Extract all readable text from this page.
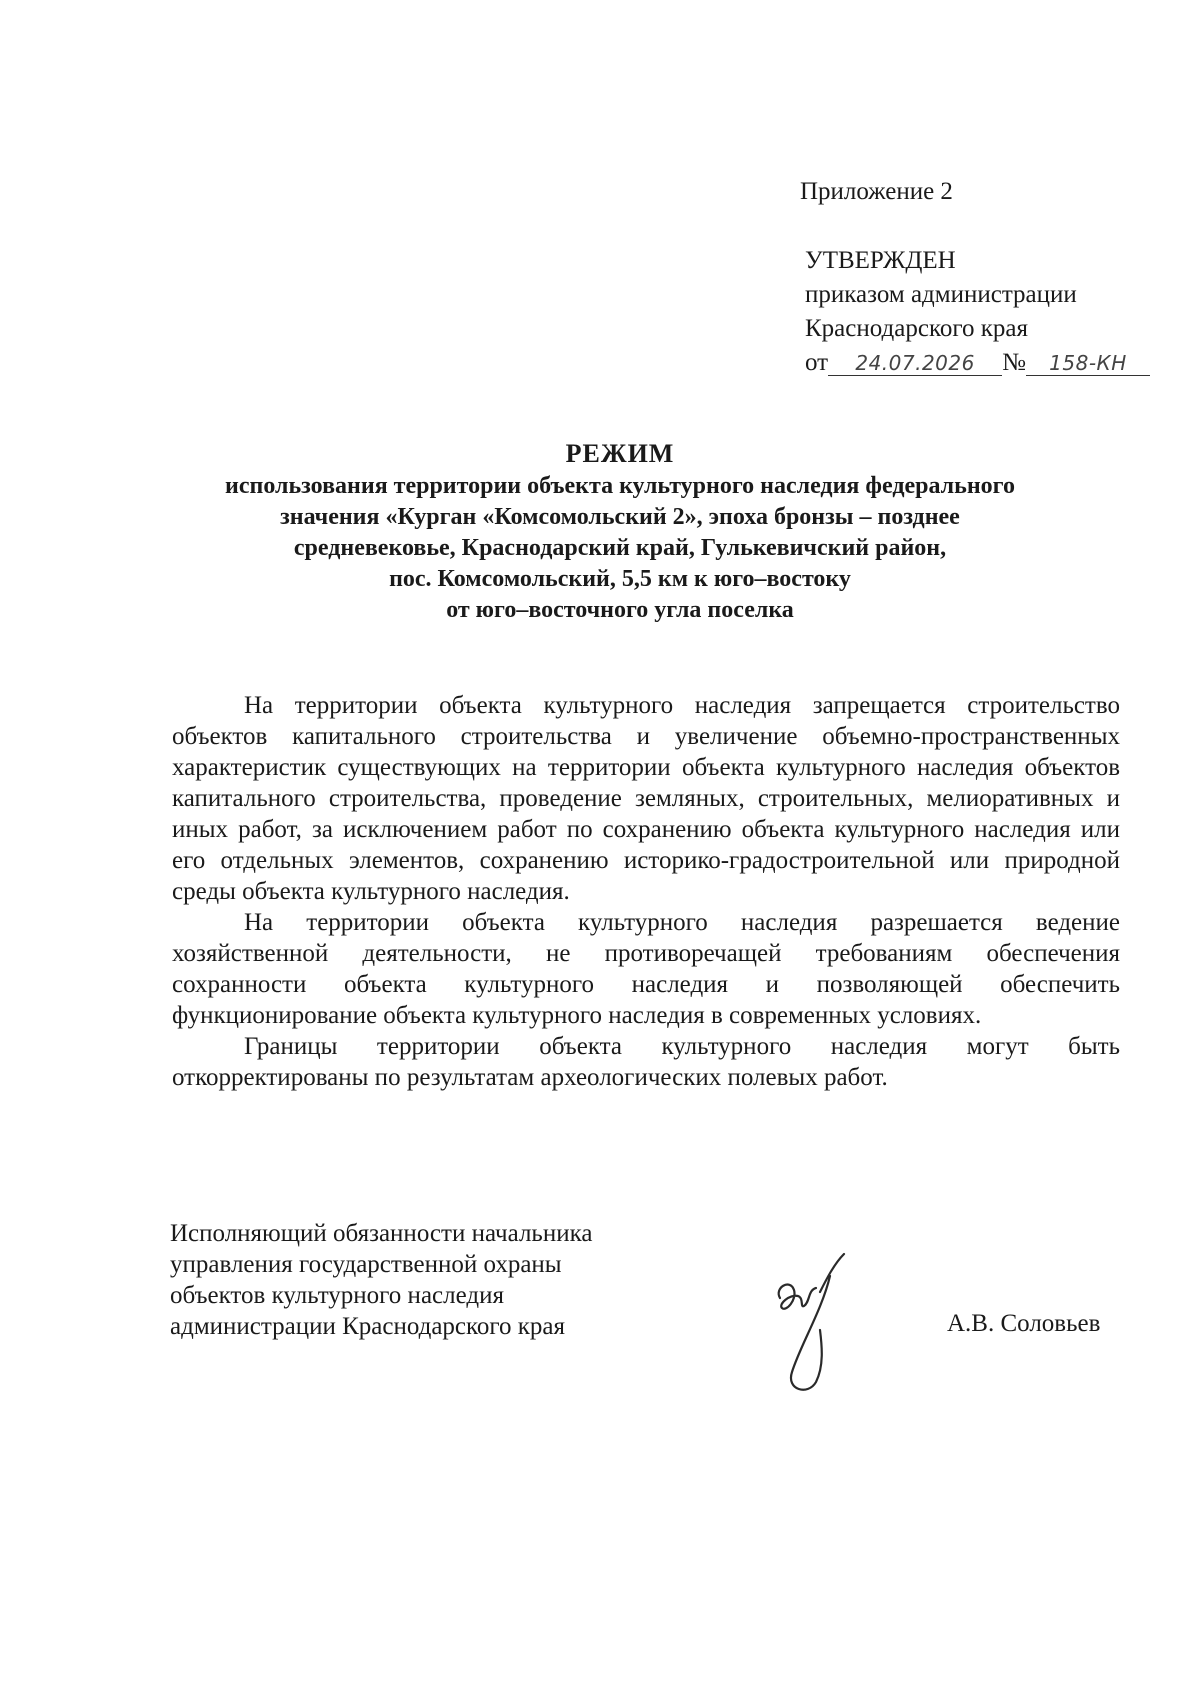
Приложение 2
УТВЕРЖДЕН
приказом администрации
Краснодарского края
от 24.07.2026 № 158-КН
РЕЖИМ
использования территории объекта культурного наследия федерального
значения «Курган «Комсомольский 2», эпоха бронзы – позднее
средневековье, Краснодарский край, Гулькевичский район,
пос. Комсомольский, 5,5 км к юго–востоку
от юго–восточного угла поселка

На территории объекта культурного наследия запрещается строительство объектов капитального строительства и увеличение объемно-пространственных характеристик существующих на территории объекта культурного наследия объектов капитального строительства, проведение земляных, строительных, мелиоративных и иных работ, за исключением работ по сохранению объекта культурного наследия или его отдельных элементов, сохранению историко-градостроительной или природной среды объекта культурного наследия.

На территории объекта культурного наследия разрешается ведение хозяйственной деятельности, не противоречащей требованиям обеспечения сохранности объекта культурного наследия и позволяющей обеспечить функционирование объекта культурного наследия в современных условиях.

Границы территории объекта культурного наследия могут быть откорректированы по результатам археологических полевых работ.

Исполняющий обязанности начальника
управления государственной охраны
объектов культурного наследия
администрации Краснодарского края	А.В. Соловьев
